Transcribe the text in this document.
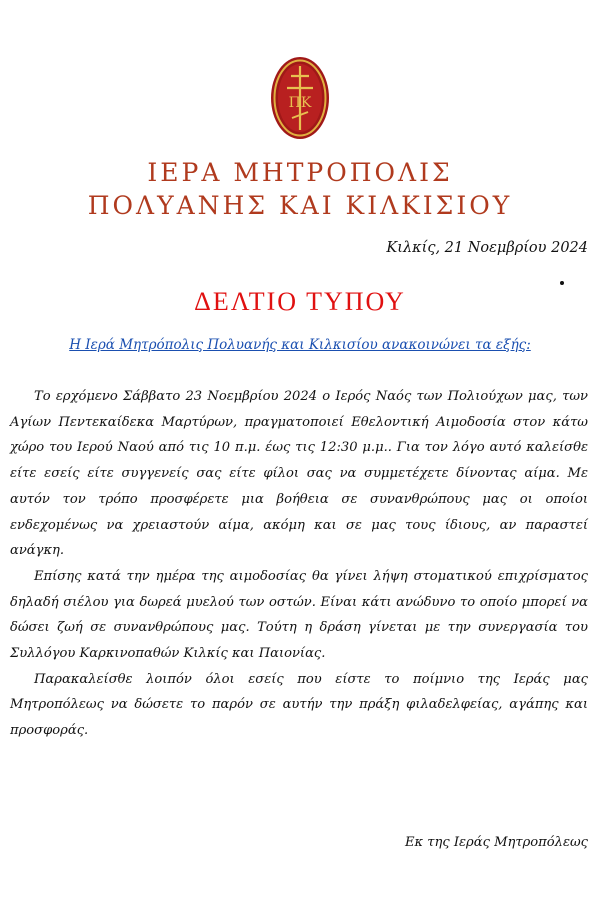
ΠΚ
ΙΕΡΑ ΜΗΤΡΟΠΟΛΙΣ
ΠΟΛΥΑΝΗΣ ΚΑΙ ΚΙΛΚΙΣΙΟΥ
Κιλκίς, 21 Νοεμβρίου 2024
ΔΕΛΤΙΟ ΤΥΠΟΥ
Η Ιερά Μητρόπολις Πολυανής και Κιλκισίου ανακοινώνει τα εξής:

Το ερχόμενο Σάββατο 23 Νοεμβρίου 2024 ο Ιερός Ναός των Πολιούχων μας, των Αγίων Πεντεκαίδεκα Μαρτύρων, πραγματοποιεί Εθελοντική Αιμοδοσία στον κάτω χώρο του Ιερού Ναού από τις 10 π.μ. έως τις 12:30 μ.μ.. Για τον λόγο αυτό καλείσθε είτε εσείς είτε συγγενείς σας είτε φίλοι σας να συμμετέχετε δίνοντας αίμα. Με αυτόν τον τρόπο προσφέρετε μια βοήθεια σε συνανθρώπους μας οι οποίοι ενδεχομένως να χρειαστούν αίμα, ακόμη και σε μας τους ίδιους, αν παραστεί ανάγκη.

Επίσης κατά την ημέρα της αιμοδοσίας θα γίνει λήψη στοματικού επιχρίσματος δηλαδή σιέλου για δωρεά μυελού των οστών. Είναι κάτι ανώδυνο το οποίο μπορεί να δώσει ζωή σε συνανθρώπους μας. Τούτη η δράση γίνεται με την συνεργασία του Συλλόγου Καρκινοπαθών Κιλκίς και Παιονίας.

Παρακαλείσθε λοιπόν όλοι εσείς που είστε το ποίμνιο της Ιεράς μας Μητροπόλεως να δώσετε το παρόν σε αυτήν την πράξη φιλαδελφείας, αγάπης και προσφοράς.

Εκ της Ιεράς Μητροπόλεως
